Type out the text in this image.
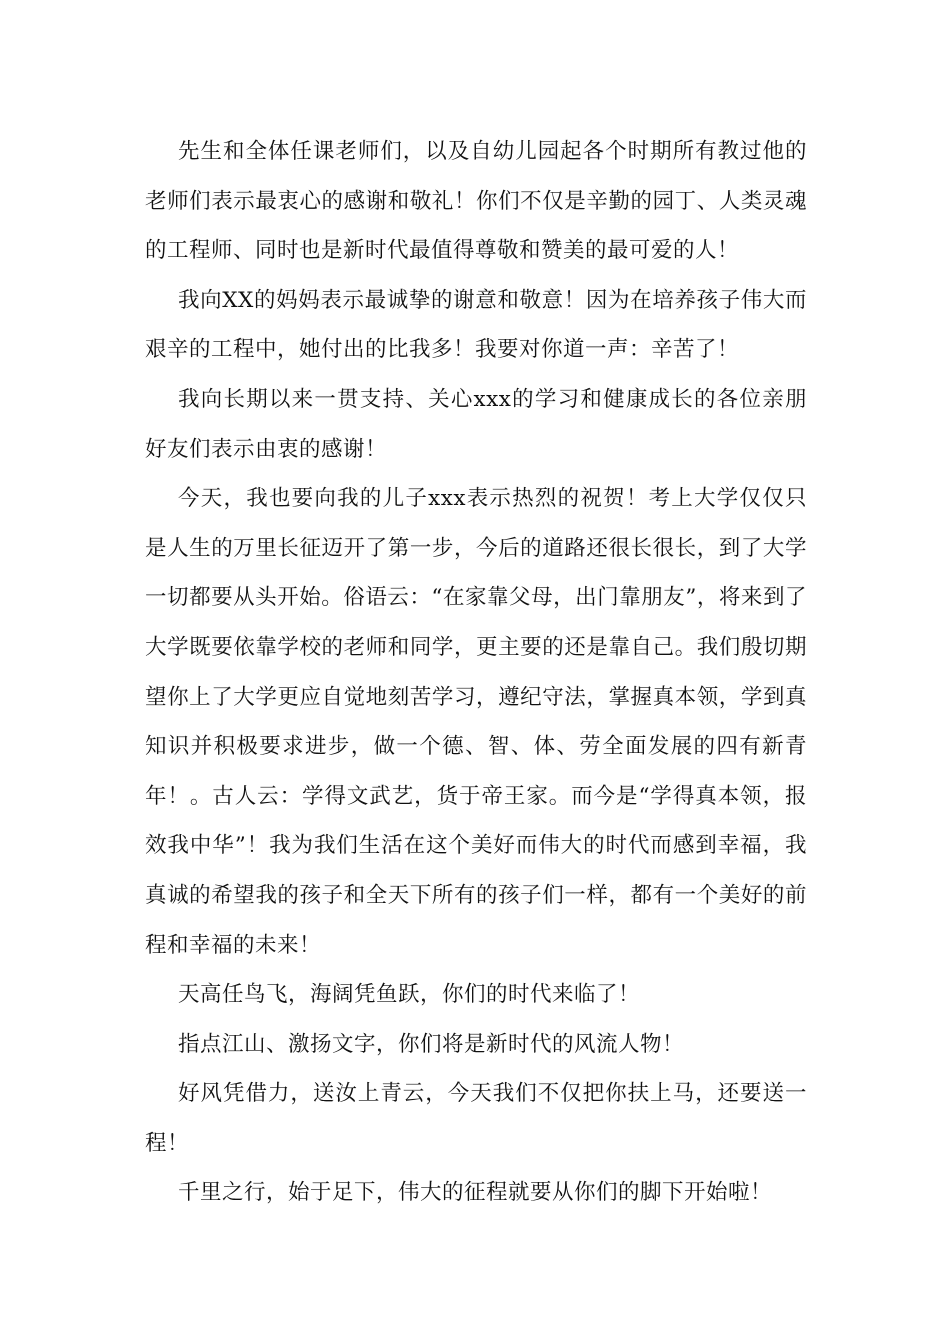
先生和全体任课老师们，以及自幼儿园起各个时期所有教过他的老师们表示最衷心的感谢和敬礼！你们不仅是辛勤的园丁、人类灵魂的工程师、同时也是新时代最值得尊敬和赞美的最可爱的人！

我向XX的妈妈表示最诚挚的谢意和敬意！因为在培养孩子伟大而艰辛的工程中，她付出的比我多！我要对你道一声：辛苦了！

我向长期以来一贯支持、关心xxx的学习和健康成长的各位亲朋好友们表示由衷的感谢！

今天，我也要向我的儿子xxx表示热烈的祝贺！考上大学仅仅只是人生的万里长征迈开了第一步，今后的道路还很长很长，到了大学一切都要从头开始。俗语云：“在家靠父母，出门靠朋友”，将来到了大学既要依靠学校的老师和同学，更主要的还是靠自己。我们殷切期望你上了大学更应自觉地刻苦学习，遵纪守法，掌握真本领，学到真知识并积极要求进步，做一个德、智、体、劳全面发展的四有新青年！。古人云：学得文武艺，货于帝王家。而今是“学得真本领，报效我中华”！我为我们生活在这个美好而伟大的时代而感到幸福，我真诚的希望我的孩子和全天下所有的孩子们一样，都有一个美好的前程和幸福的未来！

天高任鸟飞，海阔凭鱼跃，你们的时代来临了！

指点江山、激扬文字，你们将是新时代的风流人物！

好风凭借力，送汝上青云，今天我们不仅把你扶上马，还要送一程！

千里之行，始于足下，伟大的征程就要从你们的脚下开始啦！
